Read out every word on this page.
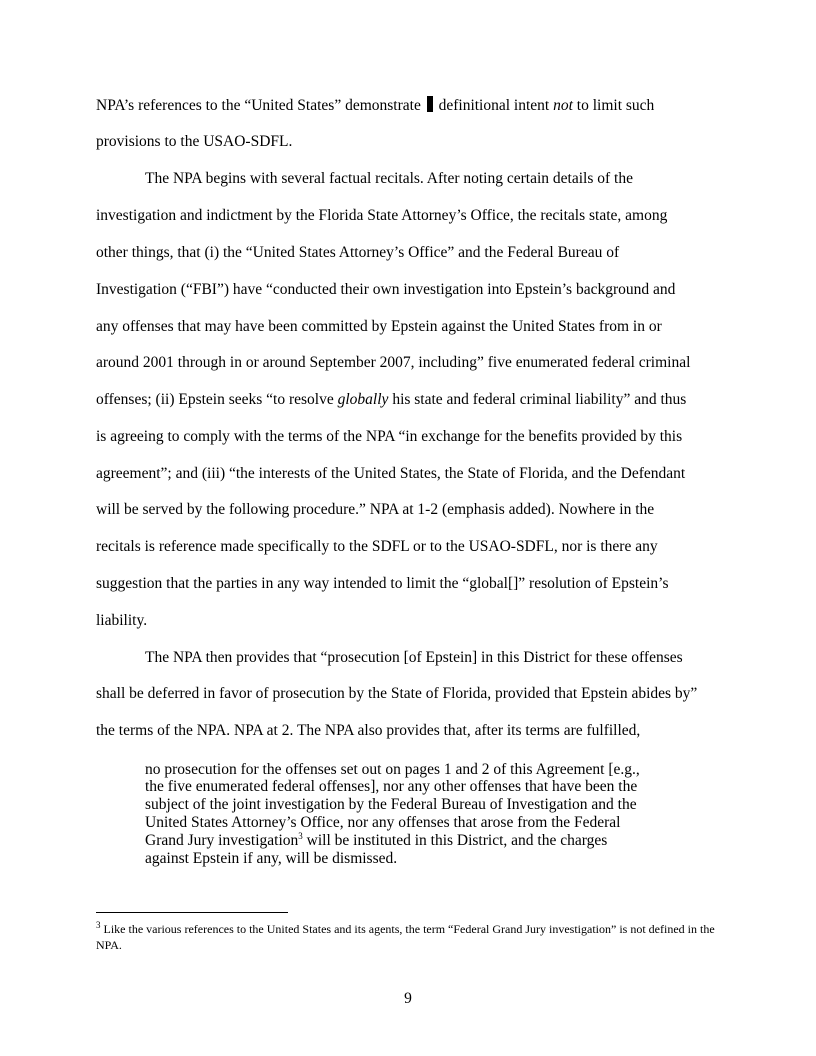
NPA’s references to the “United States” demonstrate definitional intent not to limit such
provisions to the USAO-SDFL.
The NPA begins with several factual recitals. After noting certain details of the
investigation and indictment by the Florida State Attorney’s Office, the recitals state, among
other things, that (i) the “United States Attorney’s Office” and the Federal Bureau of
Investigation (“FBI”) have “conducted their own investigation into Epstein’s background and
any offenses that may have been committed by Epstein against the United States from in or
around 2001 through in or around September 2007, including” five enumerated federal criminal
offenses; (ii) Epstein seeks “to resolve globally his state and federal criminal liability” and thus
is agreeing to comply with the terms of the NPA “in exchange for the benefits provided by this
agreement”; and (iii) “the interests of the United States, the State of Florida, and the Defendant
will be served by the following procedure.” NPA at 1-2 (emphasis added). Nowhere in the
recitals is reference made specifically to the SDFL or to the USAO-SDFL, nor is there any
suggestion that the parties in any way intended to limit the “global[]” resolution of Epstein’s
liability.
The NPA then provides that “prosecution [of Epstein] in this District for these offenses
shall be deferred in favor of prosecution by the State of Florida, provided that Epstein abides by”
the terms of the NPA. NPA at 2. The NPA also provides that, after its terms are fulfilled,
no prosecution for the offenses set out on pages 1 and 2 of this Agreement [e.g.,
the five enumerated federal offenses], nor any other offenses that have been the
subject of the joint investigation by the Federal Bureau of Investigation and the
United States Attorney’s Office, nor any offenses that arose from the Federal
Grand Jury investigation$^3$ will be instituted in this District, and the charges
against Epstein if any, will be dismissed.
$^3$ Like the various references to the United States and its agents, the term “Federal Grand Jury investigation” is not defined in the NPA.
9
